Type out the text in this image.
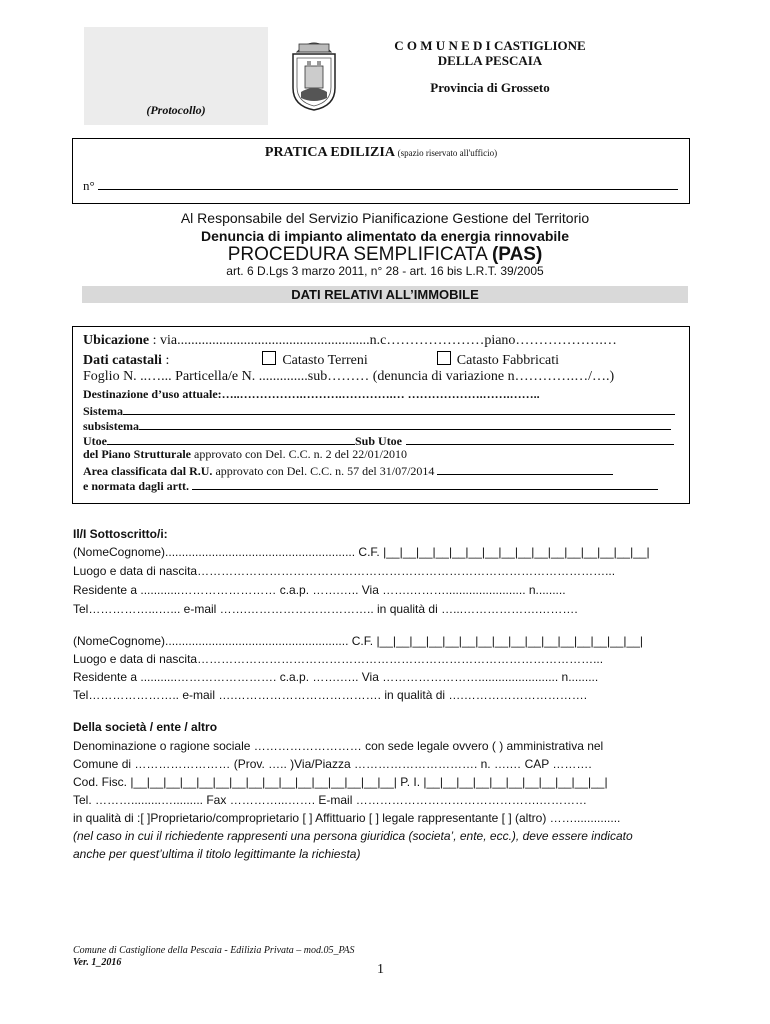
(Protocollo)
C O M U N E D I CASTIGLIONE
DELLA PESCAIA
Provincia di Grosseto
PRATICA EDILIZIA (spazio riservato all'ufficio)
n°
Al Responsabile del Servizio Pianificazione Gestione del Territorio
Denuncia di impianto alimentato da energia rinnovabile
PROCEDURA SEMPLIFICATA (PAS)
art. 6 D.Lgs 3 marzo 2011, n° 28 - art. 16 bis L.R.T. 39/2005
DATI RELATIVI ALL’IMMOBILE
Ubicazione : via.......................................................n.c…………………piano……………….…
Dati catastali :	Catasto Terreni	Catasto Fabbricati
Foglio N. ..…... Particella/e N. ..............sub……… (denuncia di variazione n………….…/….)
Destinazione d’uso attuale:…..…………….……….………….… ……………….…….……..
Sistema
subsistema
Utoe	Sub Utoe
del Piano Strutturale approvato con Del. C.C. n. 2 del 22/01/2010
Area classificata dal R.U. approvato con Del. C.C. n. 57 del 31/07/2014
e normata dagli artt.
Il/I Sottoscritto/i:
(NomeCognome)......................................................... C.F. |__|__|__|__|__|__|__|__|__|__|__|__|__|__|__|__|
Luogo e data di nascita…………………………………………………………………………………………...
Residente a ............…………………… c.a.p. …….….. Via …….………........................ n.........
Tel……………...…... e-mail …….………………………….. in qualità di …...……………….……….
(NomeCognome)....................................................... C.F. |__|__|__|__|__|__|__|__|__|__|__|__|__|__|__|__|
Luogo e data di nascita………………………………………………………………………………………...
Residente a ...........……………………. c.a.p. …….….. Via ……………………........................ n.........
Tel………………….. e-mail ….………………………………. in qualità di ….………………………….
Della società / ente / altro
Denominazione o ragione sociale ……………………… con sede legale ovvero ( ) amministrativa nel
Comune di …………………… (Prov. ….. )Via/Piazza …………………………. n. ….… CAP ……….
Cod. Fisc. |__|__|__|__|__|__|__|__|__|__|__|__|__|__|__|__| P. I. |__|__|__|__|__|__|__|__|__|__|__|
Tel. ……….........…......... Fax …………...……. E-mail ……………………………………….…………
in qualità di :[ ]Proprietario/comproprietario [ ] Affittuario [ ] legale rappresentante [ ] (altro) ……..............
(nel caso in cui il richiedente rappresenti una persona giuridica (societa’, ente, ecc.), deve essere indicato
anche per quest’ultima il titolo legittimante la richiesta)
Comune di Castiglione della Pescaia - Edilizia Privata – mod.05_PAS
Ver. 1_2016	1
